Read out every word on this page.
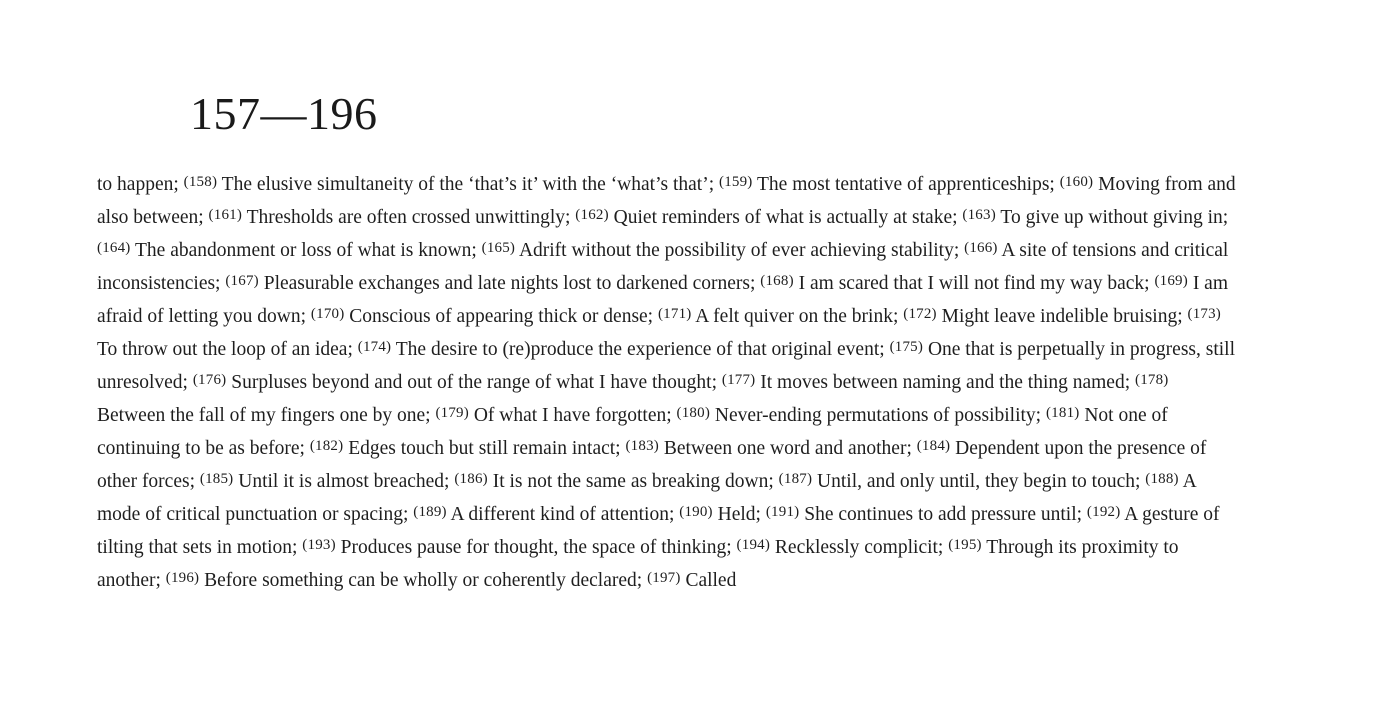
157—196

to happen; $^{(158)}$ The elusive simultaneity of the ‘that’s it’ with the ‘what’s that’; $^{(159)}$ The most tentative of apprenticeships; $^{(160)}$ Moving from and also between; $^{(161)}$ Thresholds are often crossed unwittingly; $^{(162)}$ Quiet reminders of what is actually at stake; $^{(163)}$ To give up without giving in; $^{(164)}$ The abandonment or loss of what is known; $^{(165)}$ Adrift without the possibility of ever achieving stability; $^{(166)}$ A site of tensions and critical inconsistencies; $^{(167)}$ Pleasurable exchanges and late nights lost to darkened corners; $^{(168)}$ I am scared that I will not find my way back; $^{(169)}$ I am afraid of letting you down; $^{(170)}$ Conscious of appearing thick or dense; $^{(171)}$ A felt quiver on the brink; $^{(172)}$ Might leave indelible bruising; $^{(173)}$ To throw out the loop of an idea; $^{(174)}$ The desire to (re)produce the experience of that original event; $^{(175)}$ One that is perpetually in progress, still unresolved; $^{(176)}$ Surpluses beyond and out of the range of what I have thought; $^{(177)}$ It moves between naming and the thing named; $^{(178)}$ Between the fall of my fingers one by one; $^{(179)}$ Of what I have forgotten; $^{(180)}$ Never-ending permutations of possibility; $^{(181)}$ Not one of continuing to be as before; $^{(182)}$ Edges touch but still remain intact; $^{(183)}$ Between one word and another; $^{(184)}$ Dependent upon the presence of other forces; $^{(185)}$ Until it is almost breached; $^{(186)}$ It is not the same as breaking down; $^{(187)}$ Until, and only until, they begin to touch; $^{(188)}$ A mode of critical punctuation or spacing; $^{(189)}$ A different kind of attention; $^{(190)}$ Held; $^{(191)}$ She continues to add pressure until; $^{(192)}$ A gesture of tilting that sets in motion; $^{(193)}$ Produces pause for thought, the space of thinking; $^{(194)}$ Recklessly complicit; $^{(195)}$ Through its proximity to another; $^{(196)}$ Before something can be wholly or coherently declared; $^{(197)}$ Called
